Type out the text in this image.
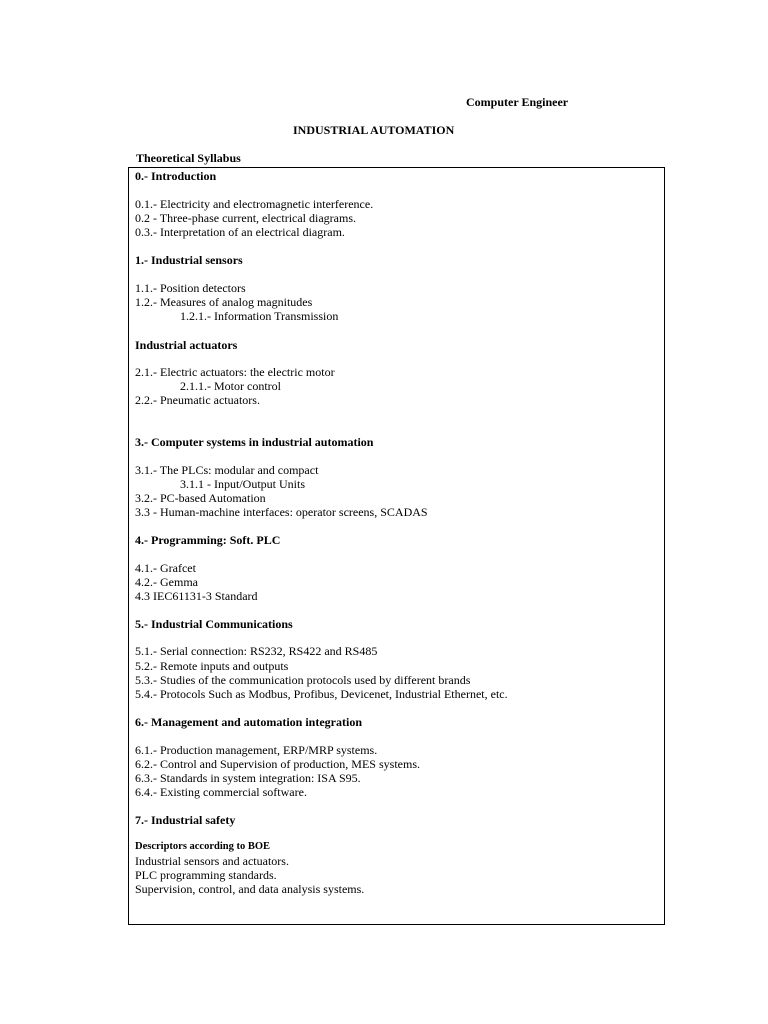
Computer Engineer
INDUSTRIAL AUTOMATION
Theoretical Syllabus
0.- Introduction
0.1.- Electricity and electromagnetic interference.
0.2 - Three-phase current, electrical diagrams.
0.3.- Interpretation of an electrical diagram.
1.- Industrial sensors
1.1.- Position detectors
1.2.- Measures of analog magnitudes
1.2.1.- Information Transmission
Industrial actuators
2.1.- Electric actuators: the electric motor
2.1.1.- Motor control
2.2.- Pneumatic actuators.
3.- Computer systems in industrial automation
3.1.- The PLCs: modular and compact
3.1.1 - Input/Output Units
3.2.- PC-based Automation
3.3 - Human-machine interfaces: operator screens, SCADAS
4.- Programming: Soft. PLC
4.1.- Grafcet
4.2.- Gemma
4.3 IEC61131-3 Standard
5.- Industrial Communications
5.1.- Serial connection: RS232, RS422 and RS485
5.2.- Remote inputs and outputs
5.3.- Studies of the communication protocols used by different brands
5.4.- Protocols Such as Modbus, Profibus, Devicenet, Industrial Ethernet, etc.
6.- Management and automation integration
6.1.- Production management, ERP/MRP systems.
6.2.- Control and Supervision of production, MES systems.
6.3.- Standards in system integration: ISA S95.
6.4.- Existing commercial software.
7.- Industrial safety
Descriptors according to BOE
Industrial sensors and actuators.
PLC programming standards.
Supervision, control, and data analysis systems.
